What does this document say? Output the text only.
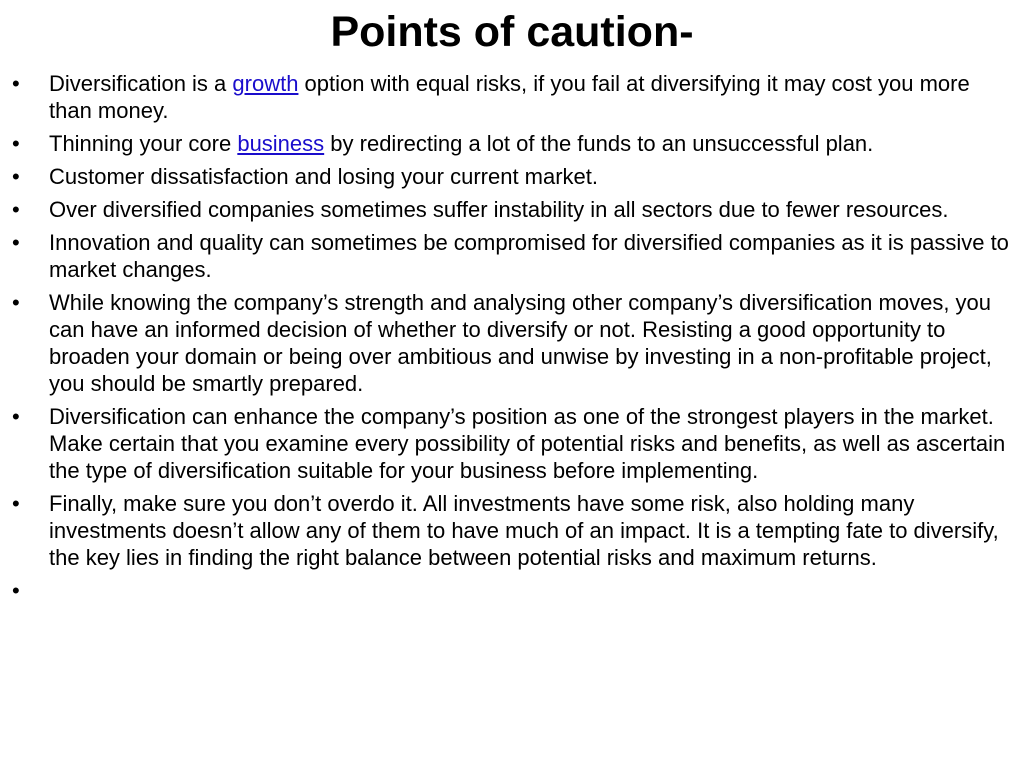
Points of caution-
•	Diversification is a growth option with equal risks, if you fail at diversifying it may cost you more than money.
•	Thinning your core business by redirecting a lot of the funds to an unsuccessful plan.
•	Customer dissatisfaction and losing your current market.
•	Over diversified companies sometimes suffer instability in all sectors due to fewer resources.
•	Innovation and quality can sometimes be compromised for diversified companies as it is passive to market changes.
•	While knowing the company’s strength and analysing other company’s diversification moves, you can have an informed decision of whether to diversify or not. Resisting a good opportunity to broaden your domain or being over ambitious and unwise by investing in a non-profitable project, you should be smartly prepared.
•	Diversification can enhance the company’s position as one of the strongest players in the market. Make certain that you examine every possibility of potential risks and benefits, as well as ascertain the type of diversification suitable for your business before implementing.
•	Finally, make sure you don’t overdo it. All investments have some risk, also holding many investments doesn’t allow any of them to have much of an impact. It is a tempting fate to diversify, the key lies in finding the right balance between potential risks and maximum returns.
•
